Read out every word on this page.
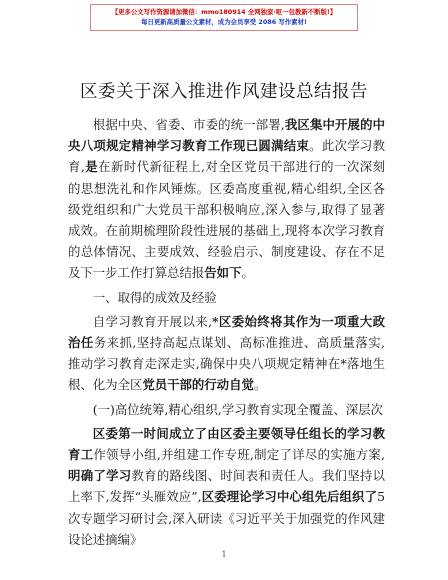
【更多公文写作资源请加微信：mmo180914 全网独家·呕一包教新不断版!】
每日更新高质量公文素材，成为会员享受 2086 写作素材!
区委关于深入推进作风建设总结报告

根据中央、省委、市委的统一部署,我区集中开展的中央八项规定精神学习教育工作现已圆满结束。此次学习教育,是在新时代新征程上,对全区党员干部进行的一次深刻的思想洗礼和作风锤炼。区委高度重视,精心组织,全区各级党组织和广大党员干部积极响应,深入参与,取得了显著成效。在前期梳理阶段性进展的基础上,现将本次学习教育的总体情况、主要成效、经验启示、制度建设、存在不足及下一步工作打算总结报告如下。

一、取得的成效及经验

自学习教育开展以来,*区委始终将其作为一项重大政治任务来抓,坚持高起点谋划、高标准推进、高质量落实,推动学习教育走深走实,确保中央八项规定精神在*落地生根、化为全区党员干部的行动自觉。

(一)高位统筹,精心组织,学习教育实现全覆盖、深层次

区委第一时间成立了由区委主要领导任组长的学习教育工作领导小组,并组建工作专班,制定了详尽的实施方案,明确了学习教育的路线图、时间表和责任人。我们坚持以上率下,发挥“头雁效应”,区委理论学习中心组先后组织了5 次专题学习研讨会,深入研读《习近平关于加强党的作风建设论述摘编》

1
